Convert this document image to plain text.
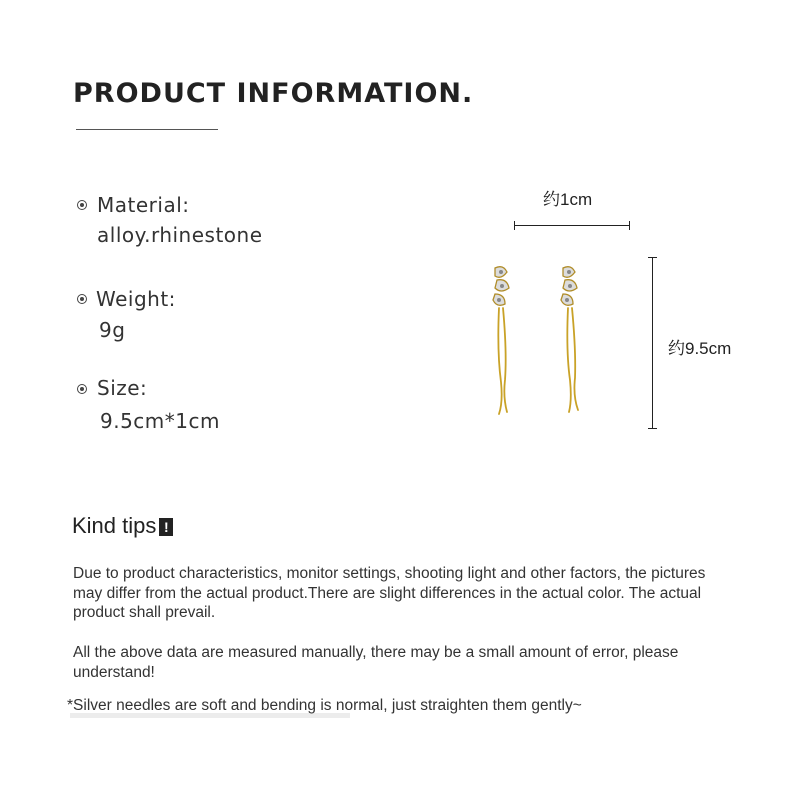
PRODUCT INFORMATION.
Material:
alloy.rhinestone
Weight:
9g
Size:
9.5cm*1cm
约1cm
约9.5cm
Kind tips !

Due to product characteristics, monitor settings, shooting light and other factors, the pictures may differ from the actual product.There are slight differences in the actual color. The actual product shall prevail.

All the above data are measured manually, there may be a small amount of error, please understand!

*Silver needles are soft and bending is normal, just straighten them gently~
